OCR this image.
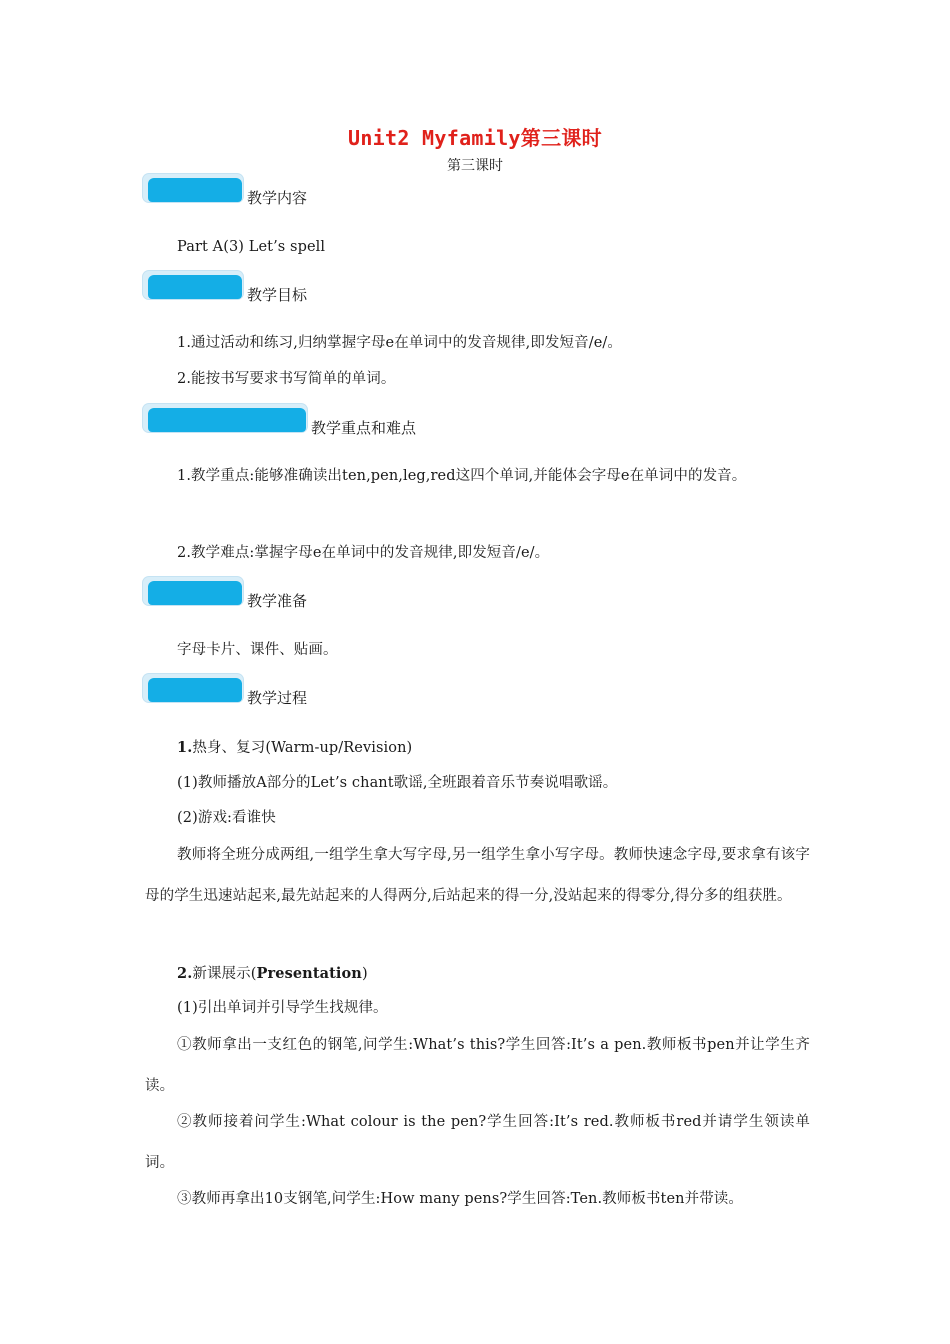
Unit2 Myfamily第三课时
第三课时
教学内容
Part A(3) Let’s spell
教学目标
1.通过活动和练习,归纳掌握字母e在单词中的发音规律,即发短音/e/。
2.能按书写要求书写简单的单词。
教学重点和难点
1.教学重点:能够准确读出ten,pen,leg,red这四个单词,并能体会字母e在单词中的发音。
2.教学难点:掌握字母e在单词中的发音规律,即发短音/e/。
教学准备
字母卡片、课件、贴画。
教学过程
1.热身、复习(Warm-up/Revision)
(1)教师播放A部分的Let’s chant歌谣,全班跟着音乐节奏说唱歌谣。
(2)游戏:看谁快
教师将全班分成两组,一组学生拿大写字母,另一组学生拿小写字母。教师快速念字母,要求拿有该字母的学生迅速站起来,最先站起来的人得两分,后站起来的得一分,没站起来的得零分,得分多的组获胜。
2.新课展示(Presentation)
(1)引出单词并引导学生找规律。
①教师拿出一支红色的钢笔,问学生:What’s this?学生回答:It’s a pen.教师板书pen并让学生齐读。
②教师接着问学生:What colour is the pen?学生回答:It’s red.教师板书red并请学生领读单词。
③教师再拿出10支钢笔,问学生:How many pens?学生回答:Ten.教师板书ten并带读。
